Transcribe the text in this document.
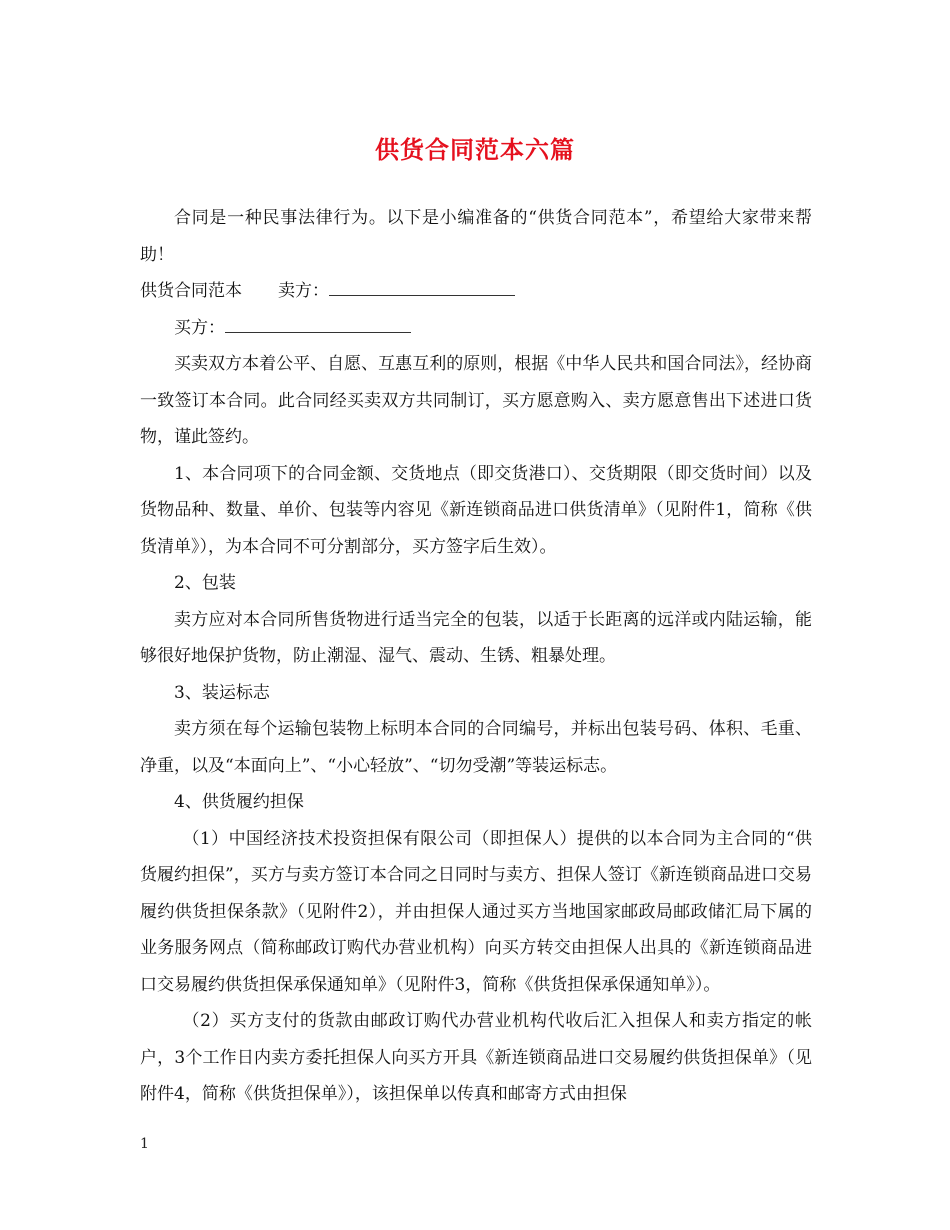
供货合同范本六篇

合同是一种民事法律行为。以下是小编准备的“供货合同范本”，希望给大家带来帮助！

供货合同范本 卖方：

买方：

买卖双方本着公平、自愿、互惠互利的原则，根据《中华人民共和国合同法》，经协商一致签订本合同。此合同经买卖双方共同制订，买方愿意购入、卖方愿意售出下述进口货物，谨此签约。

1、本合同项下的合同金额、交货地点（即交货港口）、交货期限（即交货时间）以及货物品种、数量、单价、包装等内容见《新连锁商品进口供货清单》（见附件1，简称《供货清单》），为本合同不可分割部分，买方签字后生效）。

2、包装

卖方应对本合同所售货物进行适当完全的包装，以适于长距离的远洋或内陆运输，能够很好地保护货物，防止潮湿、湿气、震动、生锈、粗暴处理。

3、装运标志

卖方须在每个运输包装物上标明本合同的合同编号，并标出包装号码、体积、毛重、净重，以及“本面向上”、“小心轻放”、“切勿受潮”等装运标志。

4、供货履约担保

（1）中国经济技术投资担保有限公司（即担保人）提供的以本合同为主合同的“供货履约担保”，买方与卖方签订本合同之日同时与卖方、担保人签订《新连锁商品进口交易履约供货担保条款》（见附件2），并由担保人通过买方当地国家邮政局邮政储汇局下属的业务服务网点（简称邮政订购代办营业机构）向买方转交由担保人出具的《新连锁商品进口交易履约供货担保承保通知单》（见附件3，简称《供货担保承保通知单》）。

（2）买方支付的货款由邮政订购代办营业机构代收后汇入担保人和卖方指定的帐户，3个工作日内卖方委托担保人向买方开具《新连锁商品进口交易履约供货担保单》（见附件4，简称《供货担保单》），该担保单以传真和邮寄方式由担保

1
